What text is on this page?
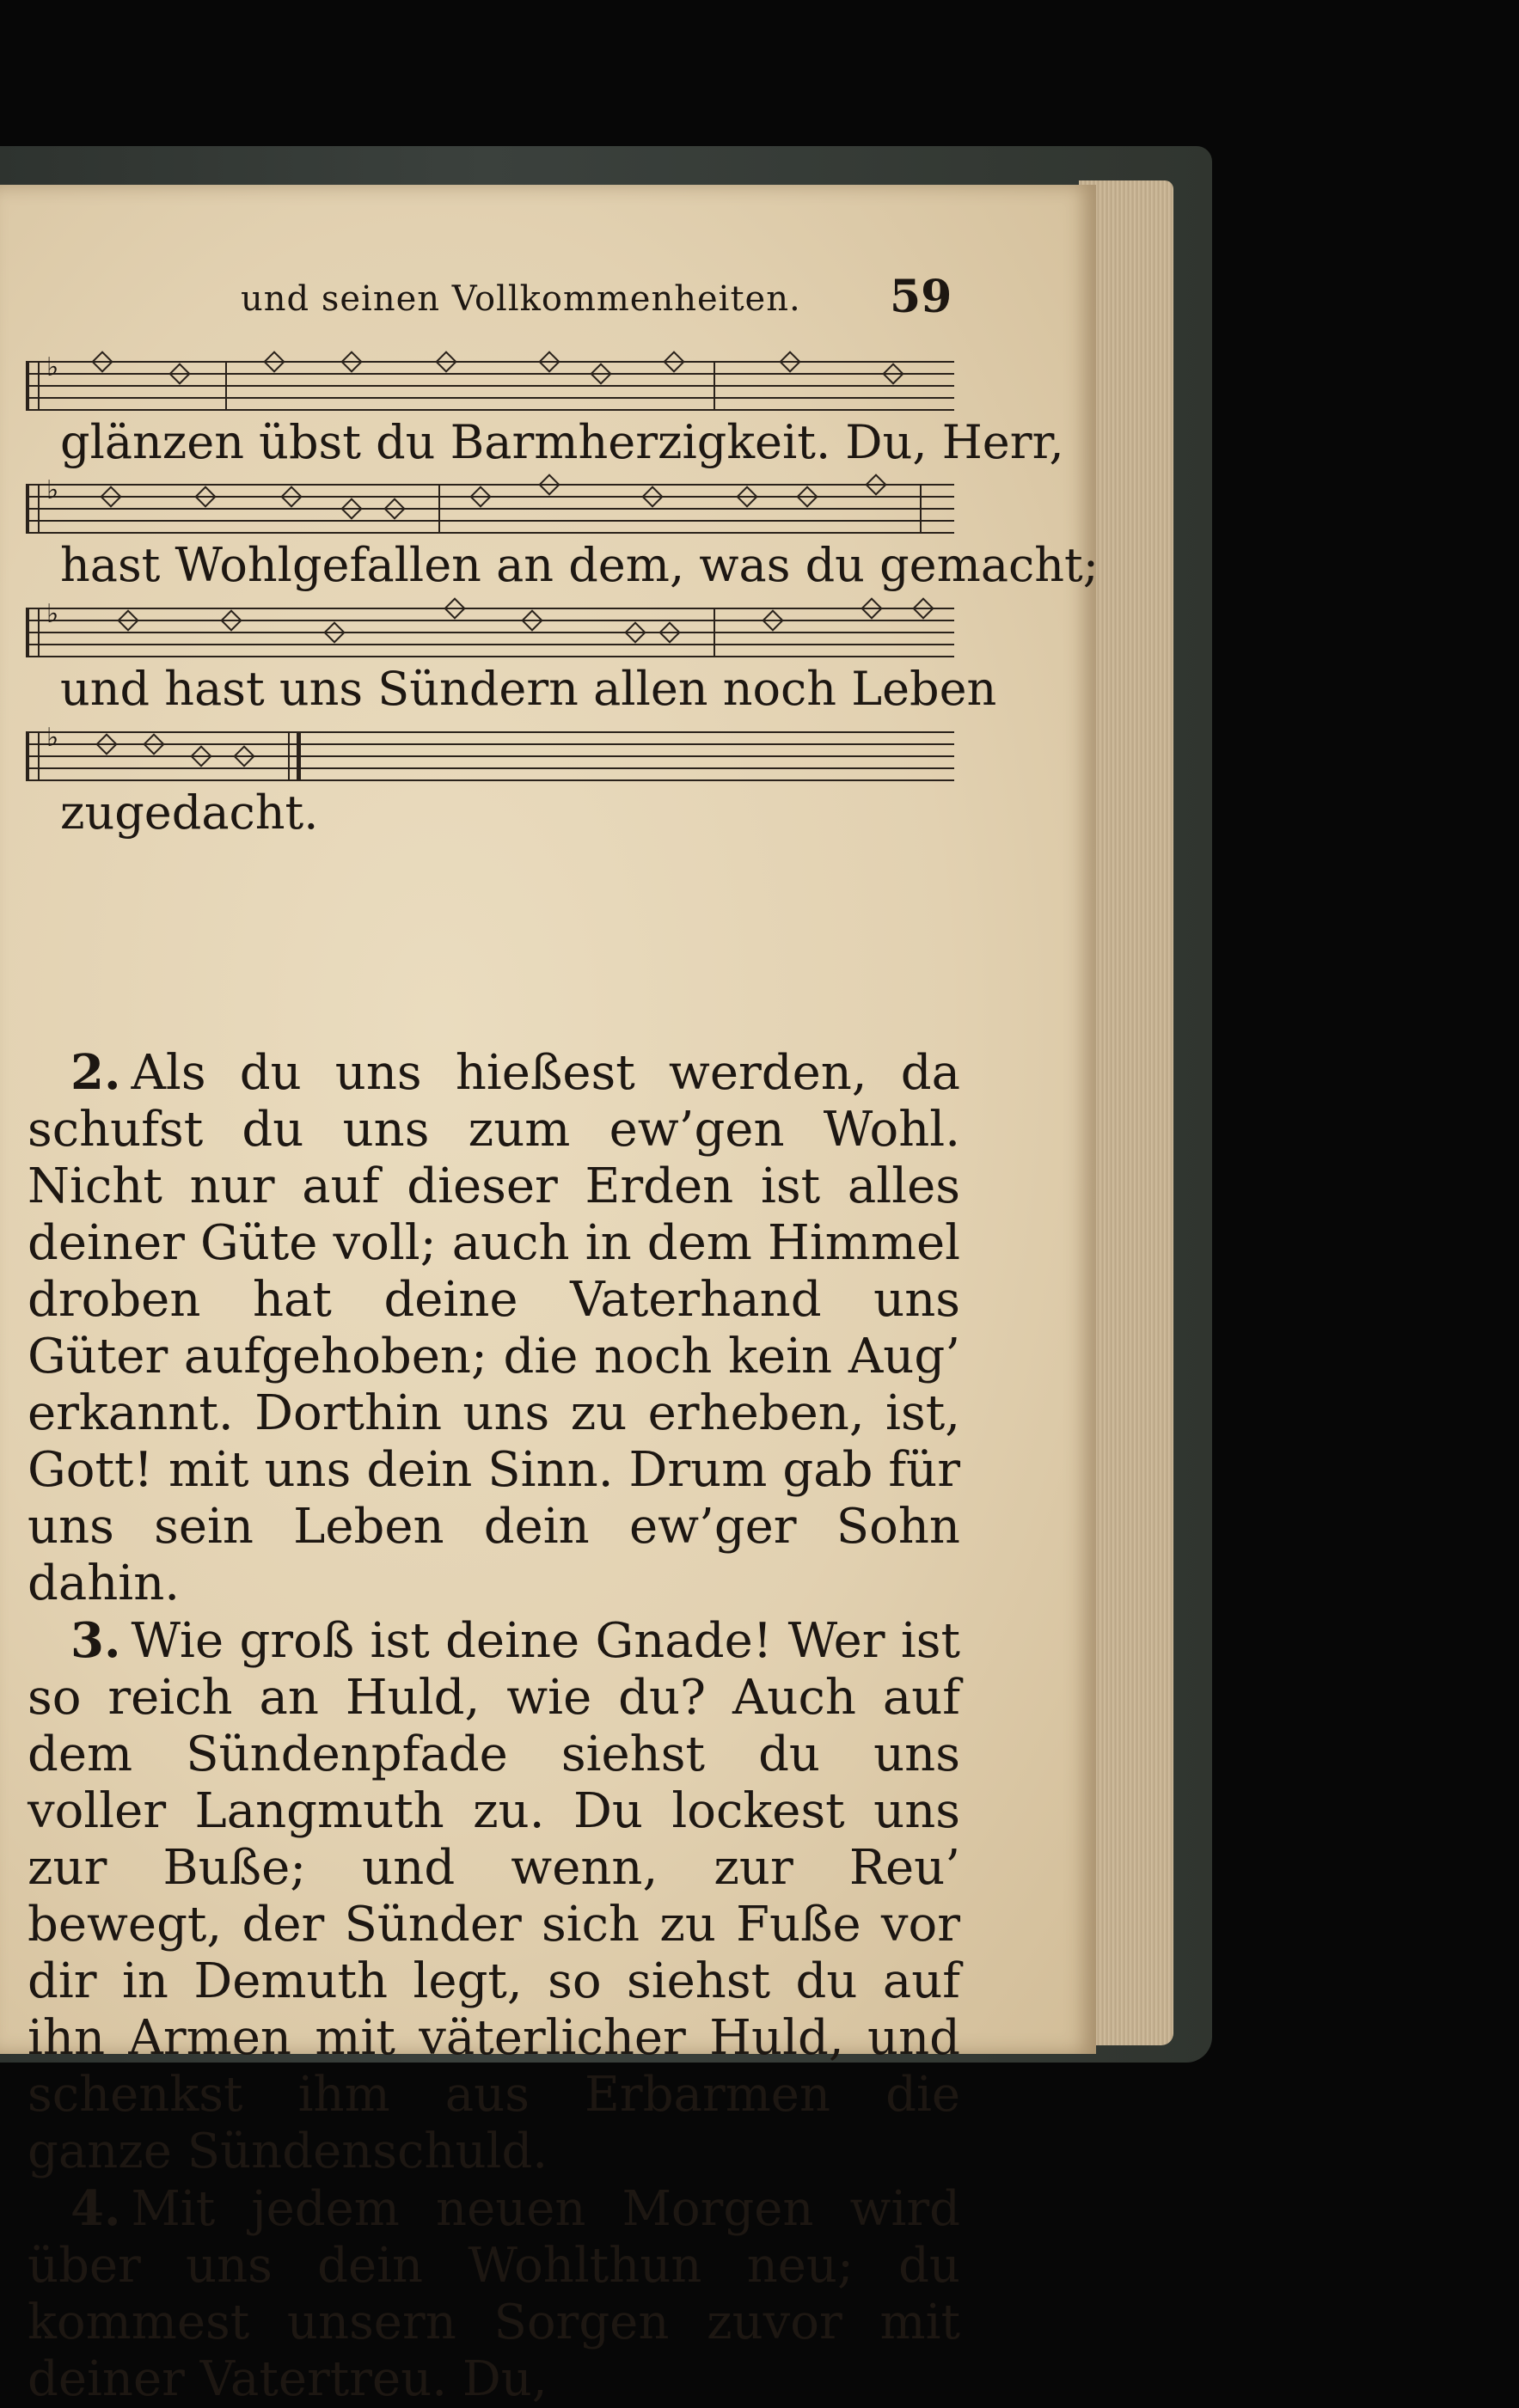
und seinen Vollkommenheiten. 59
♭
glänzen übst du Barmherzigkeit. Du, Herr,
♭
hast Wohlgefallen an dem, was du gemacht;
♭
und hast uns Sündern allen noch Leben
♭
zugedacht.

2. Als du uns hießest werden, da schufst du uns zum ew’gen Wohl. Nicht nur auf dieser Erden ist alles deiner Güte voll; auch in dem Himmel droben hat deine Vaterhand uns Güter aufgehoben; die noch kein Aug’ erkannt. Dorthin uns zu erheben, ist, Gott! mit uns dein Sinn. Drum gab für uns sein Leben dein ew’ger Sohn dahin.

3. Wie groß ist deine Gnade! Wer ist so reich an Huld, wie du? Auch auf dem Sündenpfade siehst du uns voller Langmuth zu. Du lockest uns zur Buße; und wenn, zur Reu’ bewegt, der Sünder sich zu Fuße vor dir in Demuth legt, so siehst du auf ihn Armen mit väterlicher Huld, und schenkst ihm aus Erbarmen die ganze Sündenschuld.

4. Mit jedem neuen Morgen wird über uns dein Wohlthun neu; du kommest unsern Sorgen zuvor mit deiner Vatertreu. Du,
